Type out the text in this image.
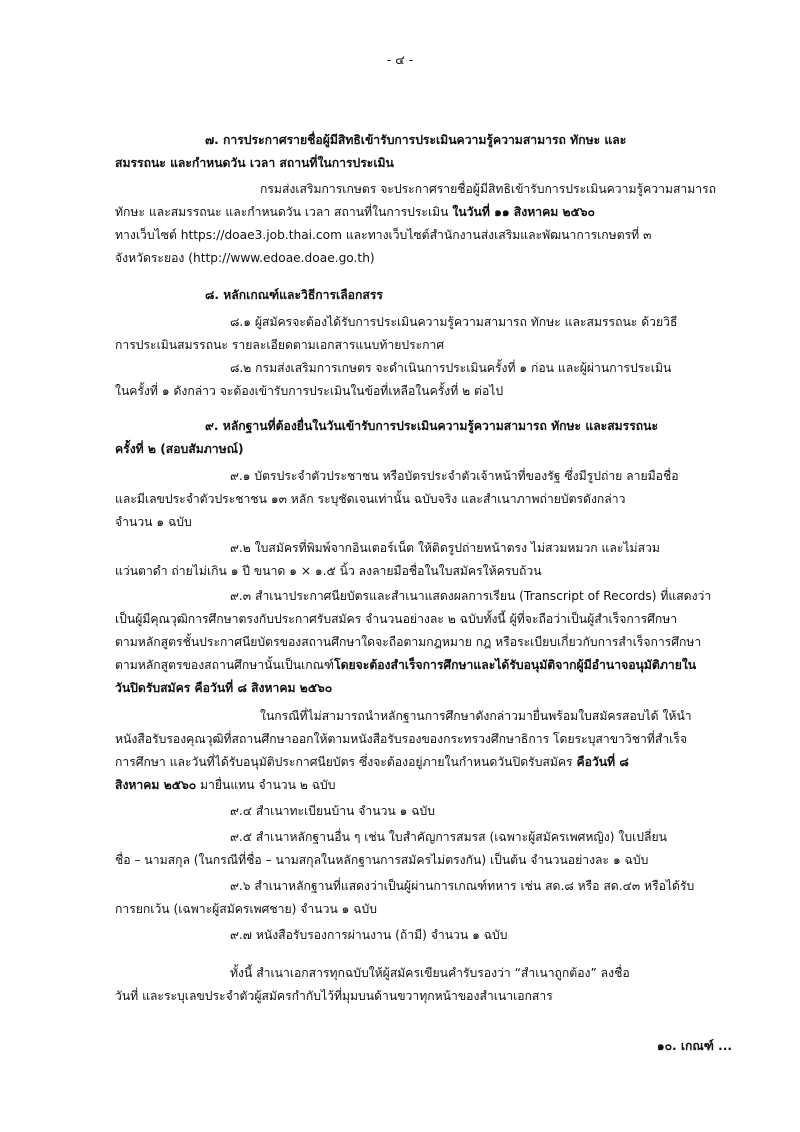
- ๔ -
๗. การประกาศรายชื่อผู้มีสิทธิเข้ารับการประเมินความรู้ความสามารถ ทักษะ และ
สมรรถนะ และกำหนดวัน เวลา สถานที่ในการประเมิน
กรมส่งเสริมการเกษตร จะประกาศรายชื่อผู้มีสิทธิเข้ารับการประเมินความรู้ความสามารถ
ทักษะ และสมรรถนะ และกำหนดวัน เวลา สถานที่ในการประเมิน ในวันที่ ๑๑ สิงหาคม ๒๕๖๐
ทางเว็บไซต์ https://doae3.job.thai.com และทางเว็บไซต์สำนักงานส่งเสริมและพัฒนาการเกษตรที่ ๓
จังหวัดระยอง (http://www.edoae.doae.go.th)
๘. หลักเกณฑ์และวิธีการเลือกสรร
๘.๑ ผู้สมัครจะต้องได้รับการประเมินความรู้ความสามารถ ทักษะ และสมรรถนะ ด้วยวิธี
การประเมินสมรรถนะ รายละเอียดตามเอกสารแนบท้ายประกาศ
๘.๒ กรมส่งเสริมการเกษตร จะดำเนินการประเมินครั้งที่ ๑ ก่อน และผู้ผ่านการประเมิน
ในครั้งที่ ๑ ดังกล่าว จะต้องเข้ารับการประเมินในข้อที่เหลือในครั้งที่ ๒ ต่อไป
๙. หลักฐานที่ต้องยื่นในวันเข้ารับการประเมินความรู้ความสามารถ ทักษะ และสมรรถนะ
ครั้งที่ ๒ (สอบสัมภาษณ์)
๙.๑ บัตรประจำตัวประชาชน หรือบัตรประจำตัวเจ้าหน้าที่ของรัฐ ซึ่งมีรูปถ่าย ลายมือชื่อ
และมีเลขประจำตัวประชาชน ๑๓ หลัก ระบุชัดเจนเท่านั้น ฉบับจริง และสำเนาภาพถ่ายบัตรดังกล่าว
จำนวน ๑ ฉบับ
๙.๒ ใบสมัครที่พิมพ์จากอินเตอร์เน็ต ให้ติดรูปถ่ายหน้าตรง ไม่สวมหมวก และไม่สวม
แว่นตาดำ ถ่ายไม่เกิน ๑ ปี ขนาด ๑ × ๑.๕ นิ้ว ลงลายมือชื่อในใบสมัครให้ครบถ้วน
๙.๓ สำเนาประกาศนียบัตรและสำเนาแสดงผลการเรียน (Transcript of Records) ที่แสดงว่า
เป็นผู้มีคุณวุฒิการศึกษาตรงกับประกาศรับสมัคร จำนวนอย่างละ ๒ ฉบับทั้งนี้ ผู้ที่จะถือว่าเป็นผู้สำเร็จการศึกษา
ตามหลักสูตรชั้นประกาศนียบัตรของสถานศึกษาใดจะถือตามกฎหมาย กฎ หรือระเบียบเกี่ยวกับการสำเร็จการศึกษา
ตามหลักสูตรของสถานศึกษานั้นเป็นเกณฑ์โดยจะต้องสำเร็จการศึกษาและได้รับอนุมัติจากผู้มีอำนาจอนุมัติภายใน
วันปิดรับสมัคร คือวันที่ ๘ สิงหาคม ๒๕๖๐
ในกรณีที่ไม่สามารถนำหลักฐานการศึกษาดังกล่าวมายื่นพร้อมใบสมัครสอบได้ ให้นำ
หนังสือรับรองคุณวุฒิที่สถานศึกษาออกให้ตามหนังสือรับรองของกระทรวงศึกษาธิการ โดยระบุสาขาวิชาที่สำเร็จ
การศึกษา และวันที่ได้รับอนุมัติประกาศนียบัตร ซึ่งจะต้องอยู่ภายในกำหนดวันปิดรับสมัคร คือวันที่ ๘
สิงหาคม ๒๕๖๐ มายื่นแทน จำนวน ๒ ฉบับ
๙.๔ สำเนาทะเบียนบ้าน จำนวน ๑ ฉบับ
๙.๕ สำเนาหลักฐานอื่น ๆ เช่น ใบสำคัญการสมรส (เฉพาะผู้สมัครเพศหญิง) ใบเปลี่ยน
ชื่อ – นามสกุล (ในกรณีที่ชื่อ – นามสกุลในหลักฐานการสมัครไม่ตรงกัน) เป็นต้น จำนวนอย่างละ ๑ ฉบับ
๙.๖ สำเนาหลักฐานที่แสดงว่าเป็นผู้ผ่านการเกณฑ์ทหาร เช่น สด.๘ หรือ สด.๔๓ หรือได้รับ
การยกเว้น (เฉพาะผู้สมัครเพศชาย) จำนวน ๑ ฉบับ
๙.๗ หนังสือรับรองการผ่านงาน (ถ้ามี) จำนวน ๑ ฉบับ
ทั้งนี้ สำเนาเอกสารทุกฉบับให้ผู้สมัครเขียนคำรับรองว่า “สำเนาถูกต้อง” ลงชื่อ
วันที่ และระบุเลขประจำตัวผู้สมัครกำกับไว้ที่มุมบนด้านขวาทุกหน้าของสำเนาเอกสาร
๑๐. เกณฑ์ ...
